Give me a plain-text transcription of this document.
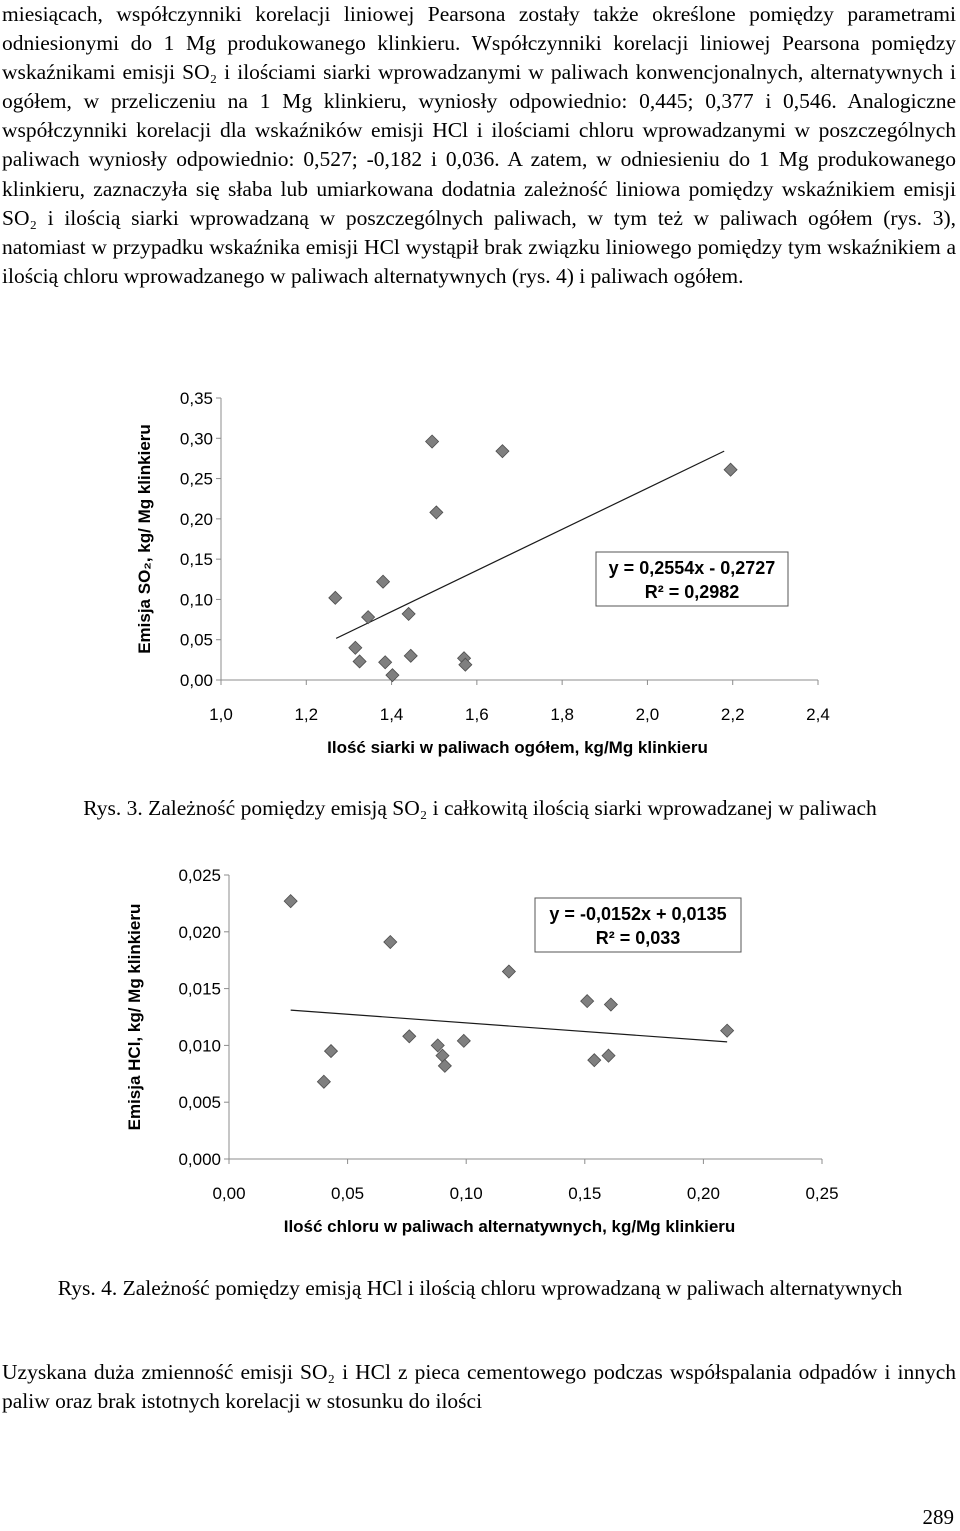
miesiącach, współczynniki korelacji liniowej Pearsona zostały także określone pomiędzy parametrami odniesionymi do 1 Mg produkowanego klinkieru. Współczynniki korelacji liniowej Pearsona pomiędzy wskaźnikami emisji SO₂ i ilościami siarki wprowadzanymi w paliwach konwencjonalnych, alternatywnych i ogółem, w przeliczeniu na 1 Mg klinkieru, wyniosły odpowiednio: 0,445; 0,377 i 0,546. Analogiczne współczynniki korelacji dla wskaźników emisji HCl i ilościami chloru wprowadzanymi w poszczególnych paliwach wyniosły odpowiednio: 0,527; -0,182 i 0,036. A zatem, w odniesieniu do 1 Mg produkowanego klinkieru, zaznaczyła się słaba lub umiarkowana dodatnia zależność liniowa pomiędzy wskaźnikiem emisji SO₂ i ilością siarki wprowadzaną w poszczególnych paliwach, w tym też w paliwach ogółem (rys. 3), natomiast w przypadku wskaźnika emisji HCl wystąpił brak związku liniowego pomiędzy tym wskaźnikiem a ilością chloru wprowadzanego w paliwach alternatywnych (rys. 4) i paliwach ogółem.
0,00
0,05
0,10
0,15
0,20
0,25
0,30
0,35
1,0	1,2	1,4	1,6	1,8	2,0	2,2	2,4
Ilość siarki w paliwach ogółem, kg/Mg klinkieru
Emisja SO₂, kg/ Mg klinkieru	y = 0,2554x - 0,2727
R² = 0,2982
Rys. 3. Zależność pomiędzy emisją SO₂ i całkowitą ilością siarki wprowadzanej w paliwach
0,000
0,005
0,010
0,015
0,020
0,025
0,00	0,05	0,10	0,15	0,20	0,25
Ilość chloru w paliwach alternatywnych, kg/Mg klinkieru
Emisja HCl, kg/ Mg klinkieru	y = -0,0152x + 0,0135
R² = 0,033
Rys. 4. Zależność pomiędzy emisją HCl i ilością chloru wprowadzaną w paliwach alternatywnych
Uzyskana duża zmienność emisji SO₂ i HCl z pieca cementowego podczas współspalania odpadów i innych paliw oraz brak istotnych korelacji w stosunku do ilości
289
